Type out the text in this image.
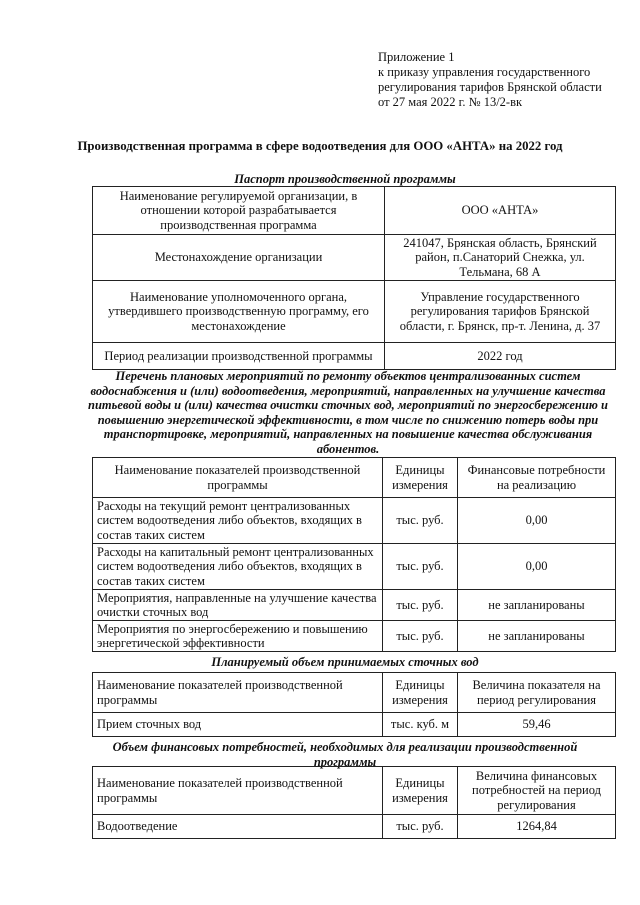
Приложение 1
к приказу управления государственного
регулирования тарифов Брянской области
от 27 мая 2022 г. № 13/2-вк
Производственная программа в сфере водоотведения для ООО «АНТА» на 2022 год
Паспорт производственной программы
Наименование регулируемой организации, в отношении которой разрабатывается производственная программа	ООО «АНТА»
Местонахождение организации	241047, Брянская область, Брянский район, п.Санаторий Снежка, ул. Тельмана, 68 А
Наименование уполномоченного органа, утвердившего производственную программу, его местонахождение	Управление государственного регулирования тарифов Брянской области, г. Брянск, пр-т. Ленина, д. 37
Период реализации производственной программы	2022 год
Перечень плановых мероприятий по ремонту объектов централизованных систем водоснабжения и (или) водоотведения, мероприятий, направленных на улучшение качества питьевой воды и (или) качества очистки сточных вод, мероприятий по энергосбережению и повышению энергетической эффективности, в том числе по снижению потерь воды при транспортировке, мероприятий, направленных на повышение качества обслуживания абонентов.
Наименование показателей производственной программы	Единицы измерения	Финансовые потребности на реализацию
Расходы на текущий ремонт централизованных систем водоотведения либо объектов, входящих в состав таких систем	тыс. руб.	0,00
Расходы на капитальный ремонт централизованных систем водоотведения либо объектов, входящих в состав таких систем	тыс. руб.	0,00
Мероприятия, направленные на улучшение качества очистки сточных вод	тыс. руб.	не запланированы
Мероприятия по энергосбережению и повышению энергетической эффективности	тыс. руб.	не запланированы
Планируемый объем принимаемых сточных вод
Наименование показателей производственной программы	Единицы измерения	Величина показателя на период регулирования
Прием сточных вод	тыс. куб. м	59,46
Объем финансовых потребностей, необходимых для реализации производственной программы
Наименование показателей производственной программы	Единицы измерения	Величина финансовых потребностей на период регулирования
Водоотведение	тыс. руб.	1264,84
